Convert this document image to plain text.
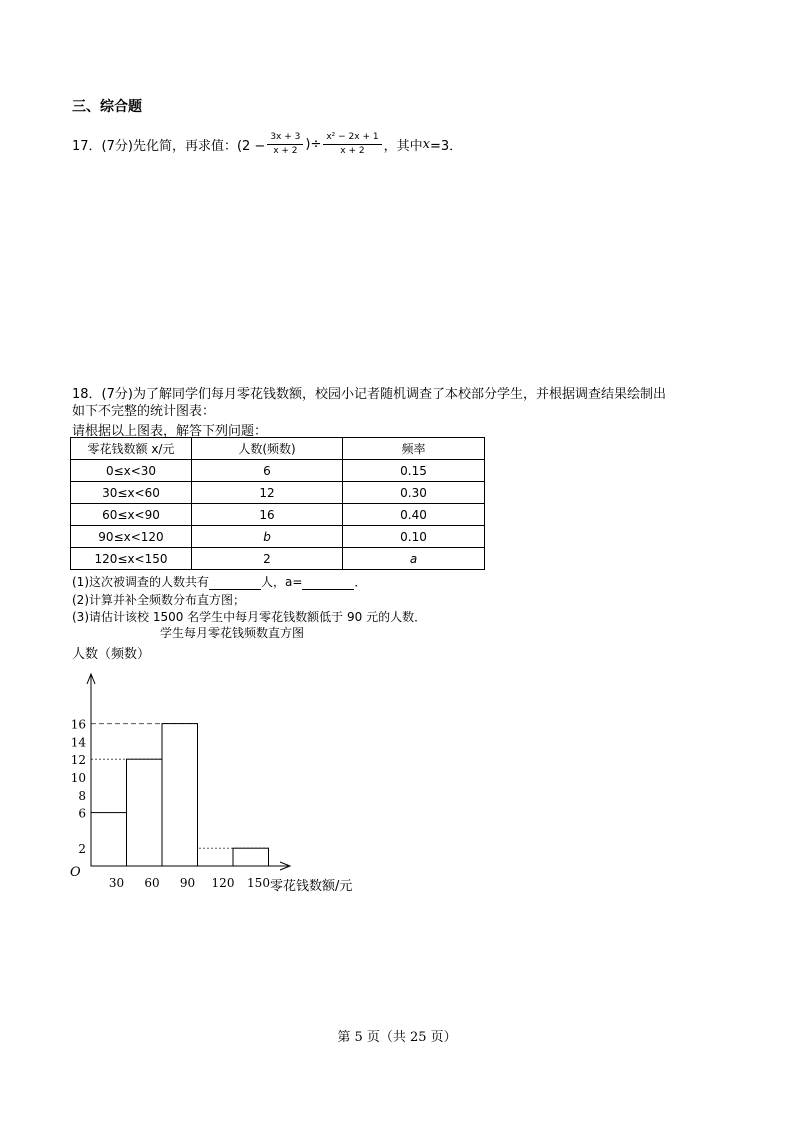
三、综合题
17．(7分)先化简，再求值：($2 - \frac{3x + 3}{x + 2}$ )÷ $\frac{\text{x² − 2x + 1}}{x + 2}$ ，其中 x =3．
18．(7分)为了解同学们每月零花钱数额，校园小记者随机调查了本校部分学生，并根据调查结果绘制出
如下不完整的统计图表：
请根据以上图表，解答下列问题：
零花钱数额 x/元	人数(频数)	频率
0≤x<30	6	0.15
30≤x<60	12	0.30
60≤x<90	16	0.40
90≤x<120	b	0.10
120≤x<150	2	a
(1)这次被调查的人数共有	人，a=	．
(2)计算并补全频数分布直方图；
(3)请估计该校 1500 名学生中每月零花钱数额低于 90 元的人数．
学生每月零花钱频数直方图
人数（频数）
2
6
8
10
12
14
16
30 60 90 120 150
O
零花钱数额/元
第 5 页（共 25 页）
